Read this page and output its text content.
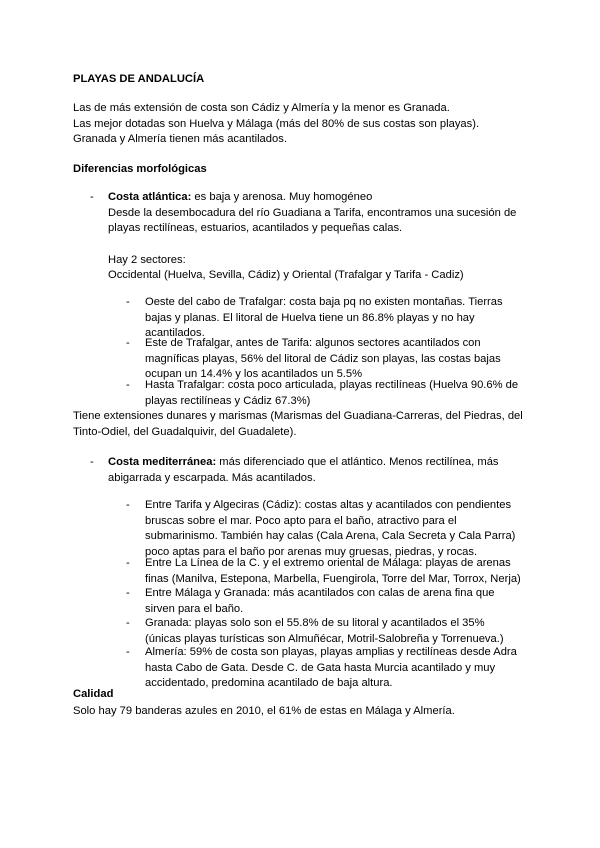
PLAYAS DE ANDALUCÍA

Las de más extensión de costa son Cádiz y Almería y la menor es Granada.

Las mejor dotadas son Huelva y Málaga (más del 80% de sus costas son playas).

Granada y Almería tienen más acantilados.

Diferencias morfológicas
- Costa atlántica: es baja y arenosa. Muy homogéneo

Desde la desembocadura del río Guadiana a Tarifa, encontramos una sucesión de playas rectilíneas, estuarios, acantilados y pequeñas calas.

Hay 2 sectores:

Occidental (Huelva, Sevilla, Cádiz) y Oriental (Trafalgar y Tarifa - Cadiz)

- Oeste del cabo de Trafalgar: costa baja pq no existen montañas. Tierras bajas y planas. El litoral de Huelva tiene un 86.8% playas y no hay acantilados.
- Este de Trafalgar, antes de Tarifa: algunos sectores acantilados con magníficas playas, 56% del litoral de Cádiz son playas, las costas bajas ocupan un 14.4% y los acantilados un 5.5%
- Hasta Trafalgar: costa poco articulada, playas rectilíneas (Huelva 90.6% de playas rectilíneas y Cádiz 67.3%)
Tiene extensiones dunares y marismas (Marismas del Guadiana-Carreras, del Piedras, del Tinto-Odiel, del Guadalquivir, del Guadalete).
- Costa mediterránea: más diferenciado que el atlántico. Menos rectilínea, más abigarrada y escarpada. Más acantilados.

- Entre Tarifa y Algeciras (Cádiz): costas altas y acantilados con pendientes bruscas sobre el mar. Poco apto para el baño, atractivo para el submarinismo. También hay calas (Cala Arena, Cala Secreta y Cala Parra) poco aptas para el baño por arenas muy gruesas, piedras, y rocas.
- Entre La Línea de la C. y el extremo oriental de Málaga: playas de arenas finas (Manilva, Estepona, Marbella, Fuengirola, Torre del Mar, Torrox, Nerja)
- Entre Málaga y Granada: más acantilados con calas de arena fina que sirven para el baño.
- Granada: playas solo son el 55.8% de su litoral y acantilados el 35% (únicas playas turísticas son Almuñécar, Motril-Salobreña y Torrenueva.)
- Almería: 59% de costa son playas, playas amplias y rectilíneas desde Adra hasta Cabo de Gata. Desde C. de Gata hasta Murcia acantilado y muy accidentado, predomina acantilado de baja altura.
Calidad
Solo hay 79 banderas azules en 2010, el 61% de estas en Málaga y Almería.
